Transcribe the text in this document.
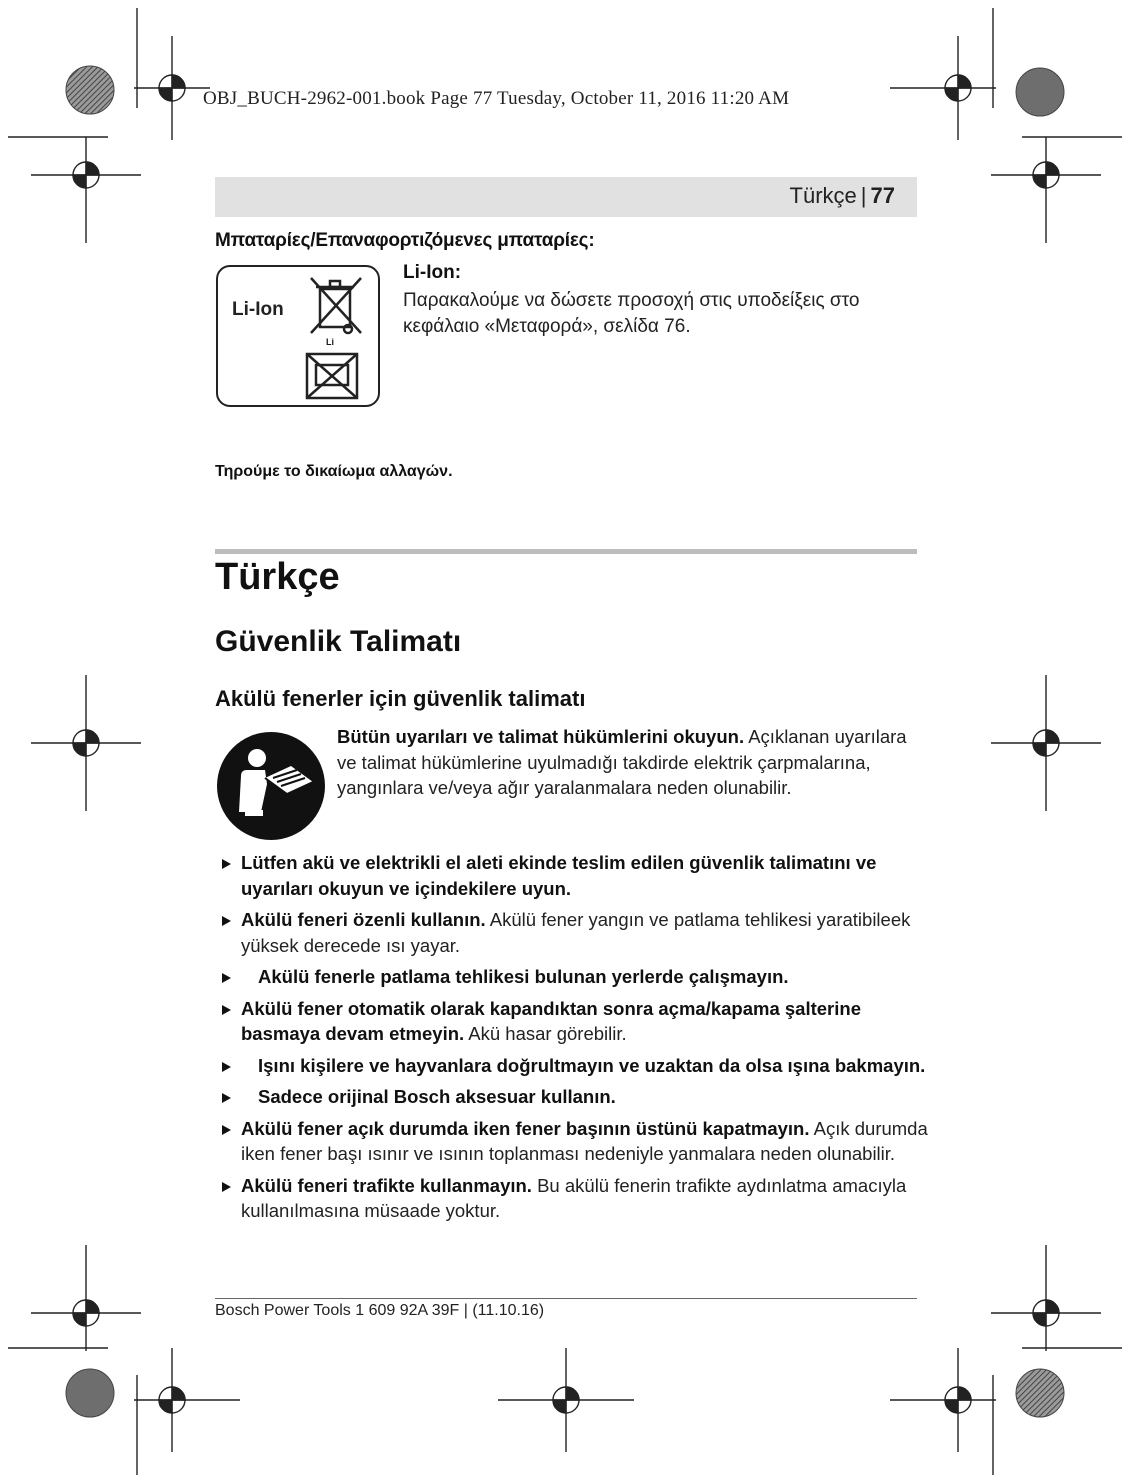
OBJ_BUCH-2962-001.book Page 77 Tuesday, October 11, 2016 11:20 AM
Türkçe | 77
Μπαταρίες/Επαναφορτιζόμενες μπαταρίες:
Li-Ion
Li
Li-Ion:
Παρακαλούμε να δώσετε προσοχή στις υποδείξεις στο κεφάλαιο «Μεταφορά», σελίδα 76.
Τηρούμε το δικαίωμα αλλαγών.
Türkçe
Güvenlik Talimatı
Akülü fenerler için güvenlik talimatı
Bütün uyarıları ve talimat hükümlerini okuyun. Açıklanan uyarılara ve talimat hükümlerine uyulmadığı takdirde elektrik çarpmalarına, yangınlara ve/veya ağır yaralanmalara neden olunabilir.
Lütfen akü ve elektrikli el aleti ekinde teslim edilen güvenlik talimatını ve uyarıları okuyun ve içindekilere uyun.
Akülü feneri özenli kullanın. Akülü fener yangın ve patlama tehlikesi yaratibileek yüksek derecede ısı yayar.
Akülü fenerle patlama tehlikesi bulunan yerlerde çalışmayın.
Akülü fener otomatik olarak kapandıktan sonra açma/kapama şalterine basmaya devam etmeyin. Akü hasar görebilir.
Işını kişilere ve hayvanlara doğrultmayın ve uzaktan da olsa ışına bakmayın.
Sadece orijinal Bosch aksesuar kullanın.
Akülü fener açık durumda iken fener başının üstünü kapatmayın. Açık durumda iken fener başı ısınır ve ısının toplanması nedeniyle yanmalara neden olunabilir.
Akülü feneri trafikte kullanmayın. Bu akülü fenerin trafikte aydınlatma amacıyla kullanılmasına müsaade yoktur.
Bosch Power Tools 1 609 92A 39F | (11.10.16)
